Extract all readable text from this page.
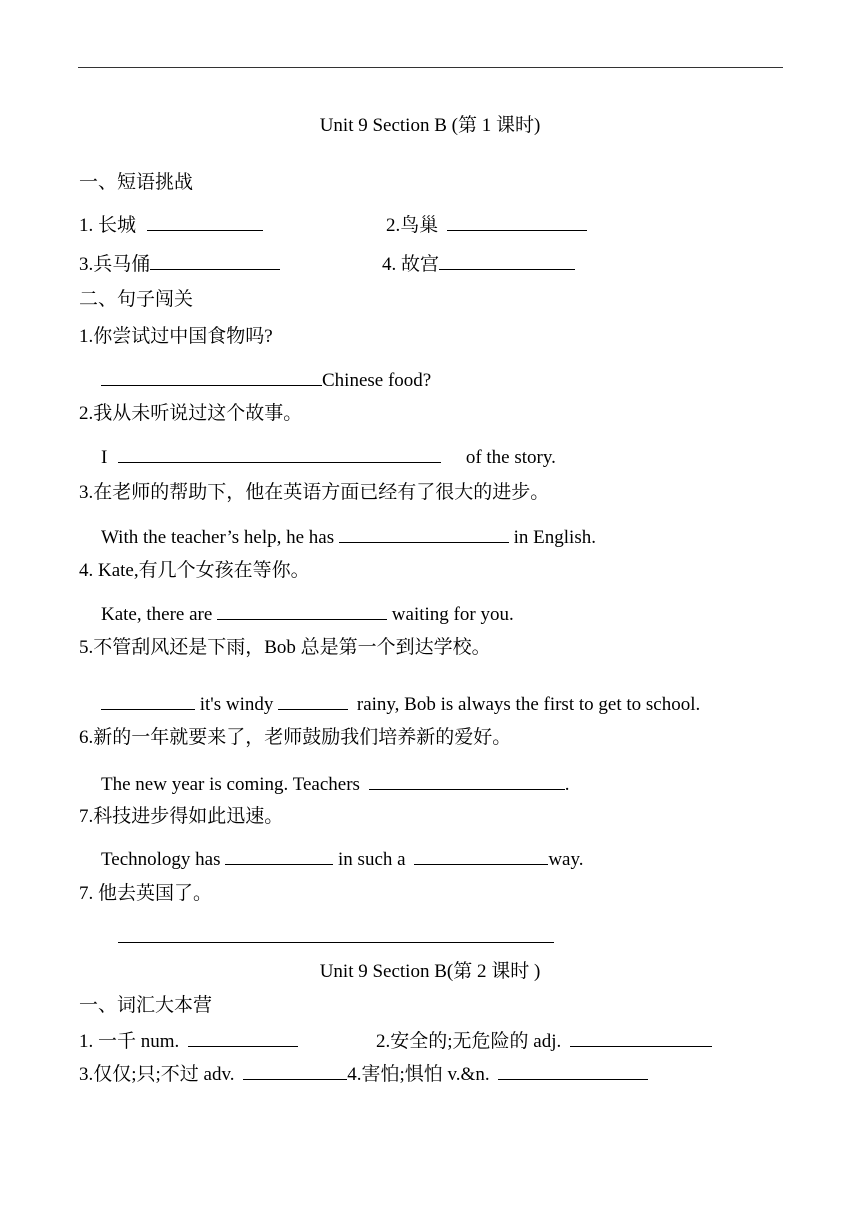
Unit 9 Section B (第 1 课时)
一、短语挑战
1. 长城	2.鸟巢
3.兵马俑	4. 故宫
二、句子闯关
1.你尝试过中国食物吗?
Chinese food?
2.我从未听说过这个故事。
I	of the story.
3.在老师的帮助下，他在英语方面已经有了很大的进步。
With the teacher’s help, he has	in English.
4. Kate,有几个女孩在等你。
Kate, there are	waiting for you.
5.不管刮风还是下雨，Bob 总是第一个到达学校。
it's windy	rainy, Bob is always the first to get to school.
6.新的一年就要来了，老师鼓励我们培养新的爱好。
The new year is coming. Teachers	.
7.科技进步得如此迅速。
Technology has	in such a	way.
7. 他去英国了。
Unit 9 Section B(第 2 课时 )
一、词汇大本营
1. 一千 num.	2.安全的;无危险的 adj.
3.仅仅;只;不过 adv.	4.害怕;惧怕 v.&n.
